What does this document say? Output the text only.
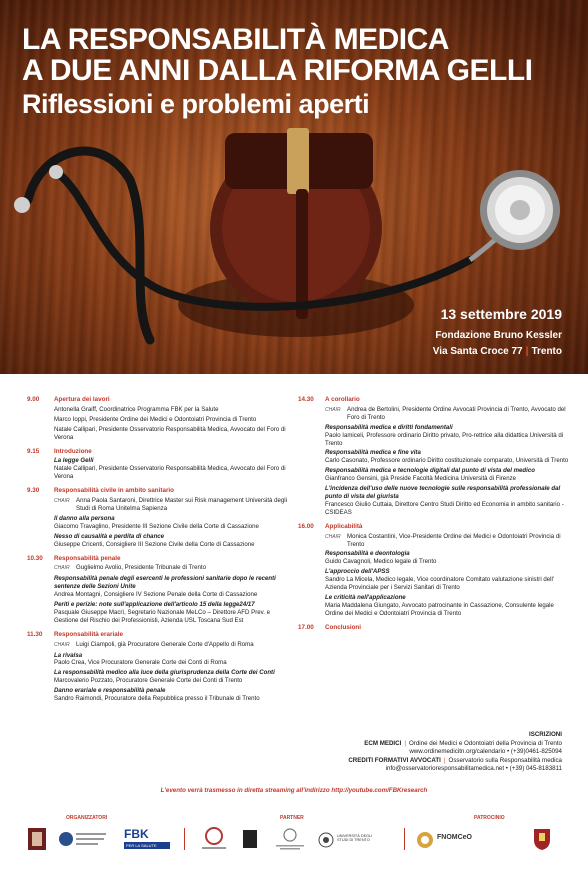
LA RESPONSABILITÀ MEDICA
A DUE ANNI DALLA RIFORMA GELLI
Riflessioni e problemi aperti
13 settembre 2019
Fondazione Bruno Kessler
Via Santa Croce 77 | Trento
9.00 Apertura dei lavori
Antonella Graiff, Coordinatrice Programma FBK per la Salute
Marco Ioppi, Presidente Ordine dei Medici e Odontoiatri Provincia di Trento
Natale Callipari, Presidente Osservatorio Responsabilità Medica, Avvocato del Foro di Verona
9.15 Introduzione
La legge Gelli
Natale Callipari, Presidente Osservatorio Responsabilità Medica, Avvocato del Foro di Verona
9.30 Responsabilità civile in ambito sanitario
CHAIR	Anna Paola Santaroni, Direttrice Master sui Risk management Università degli Studi di Roma Unitelma Sapienza
Il danno alla persona
Giacomo Travaglino, Presidente III Sezione Civile della Corte di Cassazione
Nesso di causalità e perdita di chance
Giuseppe Cricenti, Consigliere III Sezione Civile della Corte di Cassazione
10.30 Responsabilità penale
CHAIR	Guglielmo Avolio, Presidente Tribunale di Trento
Responsabilità penale degli esercenti le professioni sanitarie dopo le recenti sentenze delle Sezioni Unite
Andrea Montagni, Consigliere IV Sezione Penale della Corte di Cassazione
Periti e perizie: note sull'applicazione dell'articolo 15 della legge24/17
Pasquale Giuseppe Macrì, Segretario Nazionale MeLCo – Direttore AFD Prev. e Gestione del Rischio dei Professionisti, Azienda USL Toscana Sud Est
11.30 Responsabilità erariale
CHAIR	Luigi Ciampoli, già Procuratore Generale Corte d'Appello di Roma
La rivalsa
Paolo Crea, Vice Procuratore Generale Corte dei Conti di Roma
La responsabilità medico alla luce della giurisprudenza della Corte dei Conti
Marcovalerio Pozzato, Procuratore Generale Corte dei Conti di Trento
Danno erariale e responsabilità penale
Sandro Raimondi, Procuratore della Repubblica presso il Tribunale di Trento
14.30 A corollario
CHAIR	Andrea de Bertolini, Presidente Ordine Avvocati Provincia di Trento, Avvocato del Foro di Trento
Responsabilità medica e diritti fondamentali
Paolo Iamiceli, Professore ordinario Diritto privato, Pro-rettrice alla didattica Università di Trento
Responsabilità medica e fine vita
Carlo Casonato, Professore ordinario Diritto costituzionale comparato, Università di Trento
Responsabilità medica e tecnologie digitali dal punto di vista del medico
Gianfranco Gensini, già Preside Facoltà Medicina Università di Firenze
L'incidenza dell'uso delle nuove tecnologie sulle responsabilità professionale dal punto di vista del giurista
Francesco Giulio Cuttaia, Direttore Centro Studi Diritto ed Economia in ambito sanitario - CSIDEAS
16.00 Applicabilità
CHAIR	Monica Costantini, Vice-Presidente Ordine dei Medici e Odontoiatri Provincia di Trento
Responsabilità e deontologia
Guido Cavagnoli, Medico legale di Trento
L'approccio dell'APSS
Sandro La Micela, Medico legale, Vice coordinatore Comitato valutazione sinistri dell' Azienda Provinciale per i Servizi Sanitari di Trento
Le criticità nell'applicazione
Maria Maddalena Giungato, Avvocato patrocinante in Cassazione, Consulente legale Ordine dei Medici e Odontoiatri Provincia di Trento
17.00 Conclusioni
ISCRIZIONI
ECM MEDICI | Ordine dei Medici e Odontoiatri della Provincia di Trento
www.ordinemedicitn.org/calendario • (+39)0461-825094
CREDITI FORMATIVI AVVOCATI | Osservatorio sulla Responsabilità medica
info@osservatorioresponsabilitamedica.net • (+39) 045-8183811
L'evento verrà trasmesso in diretta streaming all'indirizzo http://youtube.com/FBKresearch
ORGANIZZATORI	PARTNER	PATROCINIO
FBK
PER LA SALUTE
UNIVERSITÀ DEGLI STUDI DI TRENTO	FNOMCeO
